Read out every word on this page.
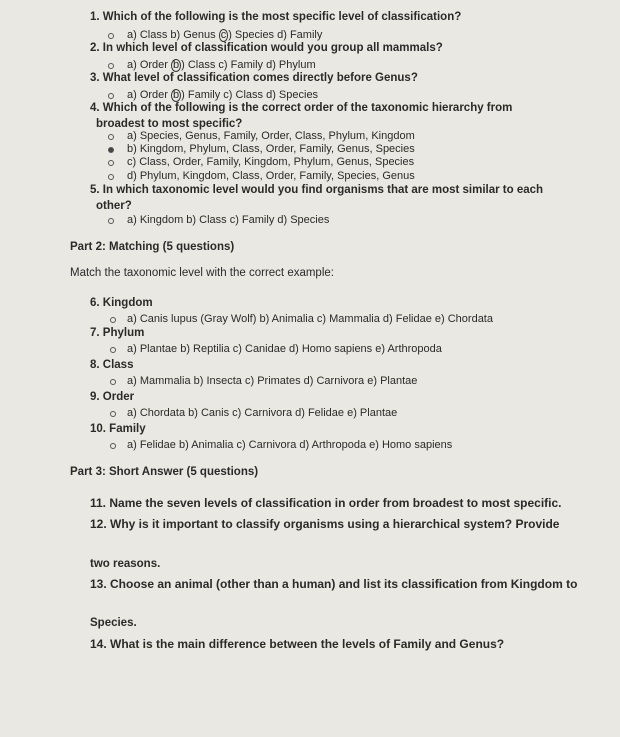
1. Which of the following is the most specific level of classification?
a) Class b) Genus c ) Species d) Family
2. In which level of classification would you group all mammals?
a) Order b ) Class c) Family d) Phylum
3. What level of classification comes directly before Genus?
a) Order b ) Family c) Class d) Species
4. Which of the following is the correct order of the taxonomic hierarchy from
broadest to most specific?
a) Species, Genus, Family, Order, Class, Phylum, Kingdom
b) Kingdom, Phylum, Class, Order, Family, Genus, Species
c) Class, Order, Family, Kingdom, Phylum, Genus, Species
d) Phylum, Kingdom, Class, Order, Family, Species, Genus
5. In which taxonomic level would you find organisms that are most similar to each
other?
a) Kingdom b) Class c) Family d) Species
Part 2: Matching (5 questions)
Match the taxonomic level with the correct example:
6. Kingdom
a) Canis lupus (Gray Wolf) b) Animalia c) Mammalia d) Felidae e) Chordata
7. Phylum
a) Plantae b) Reptilia c) Canidae d) Homo sapiens e) Arthropoda
8. Class
a) Mammalia b) Insecta c) Primates d) Carnivora e) Plantae
9. Order
a) Chordata b) Canis c) Carnivora d) Felidae e) Plantae
10. Family
a) Felidae b) Animalia c) Carnivora d) Arthropoda e) Homo sapiens
Part 3: Short Answer (5 questions)
11. Name the seven levels of classification in order from broadest to most specific.
12. Why is it important to classify organisms using a hierarchical system? Provide
two reasons.
13. Choose an animal (other than a human) and list its classification from Kingdom to
Species.
14. What is the main difference between the levels of Family and Genus?
